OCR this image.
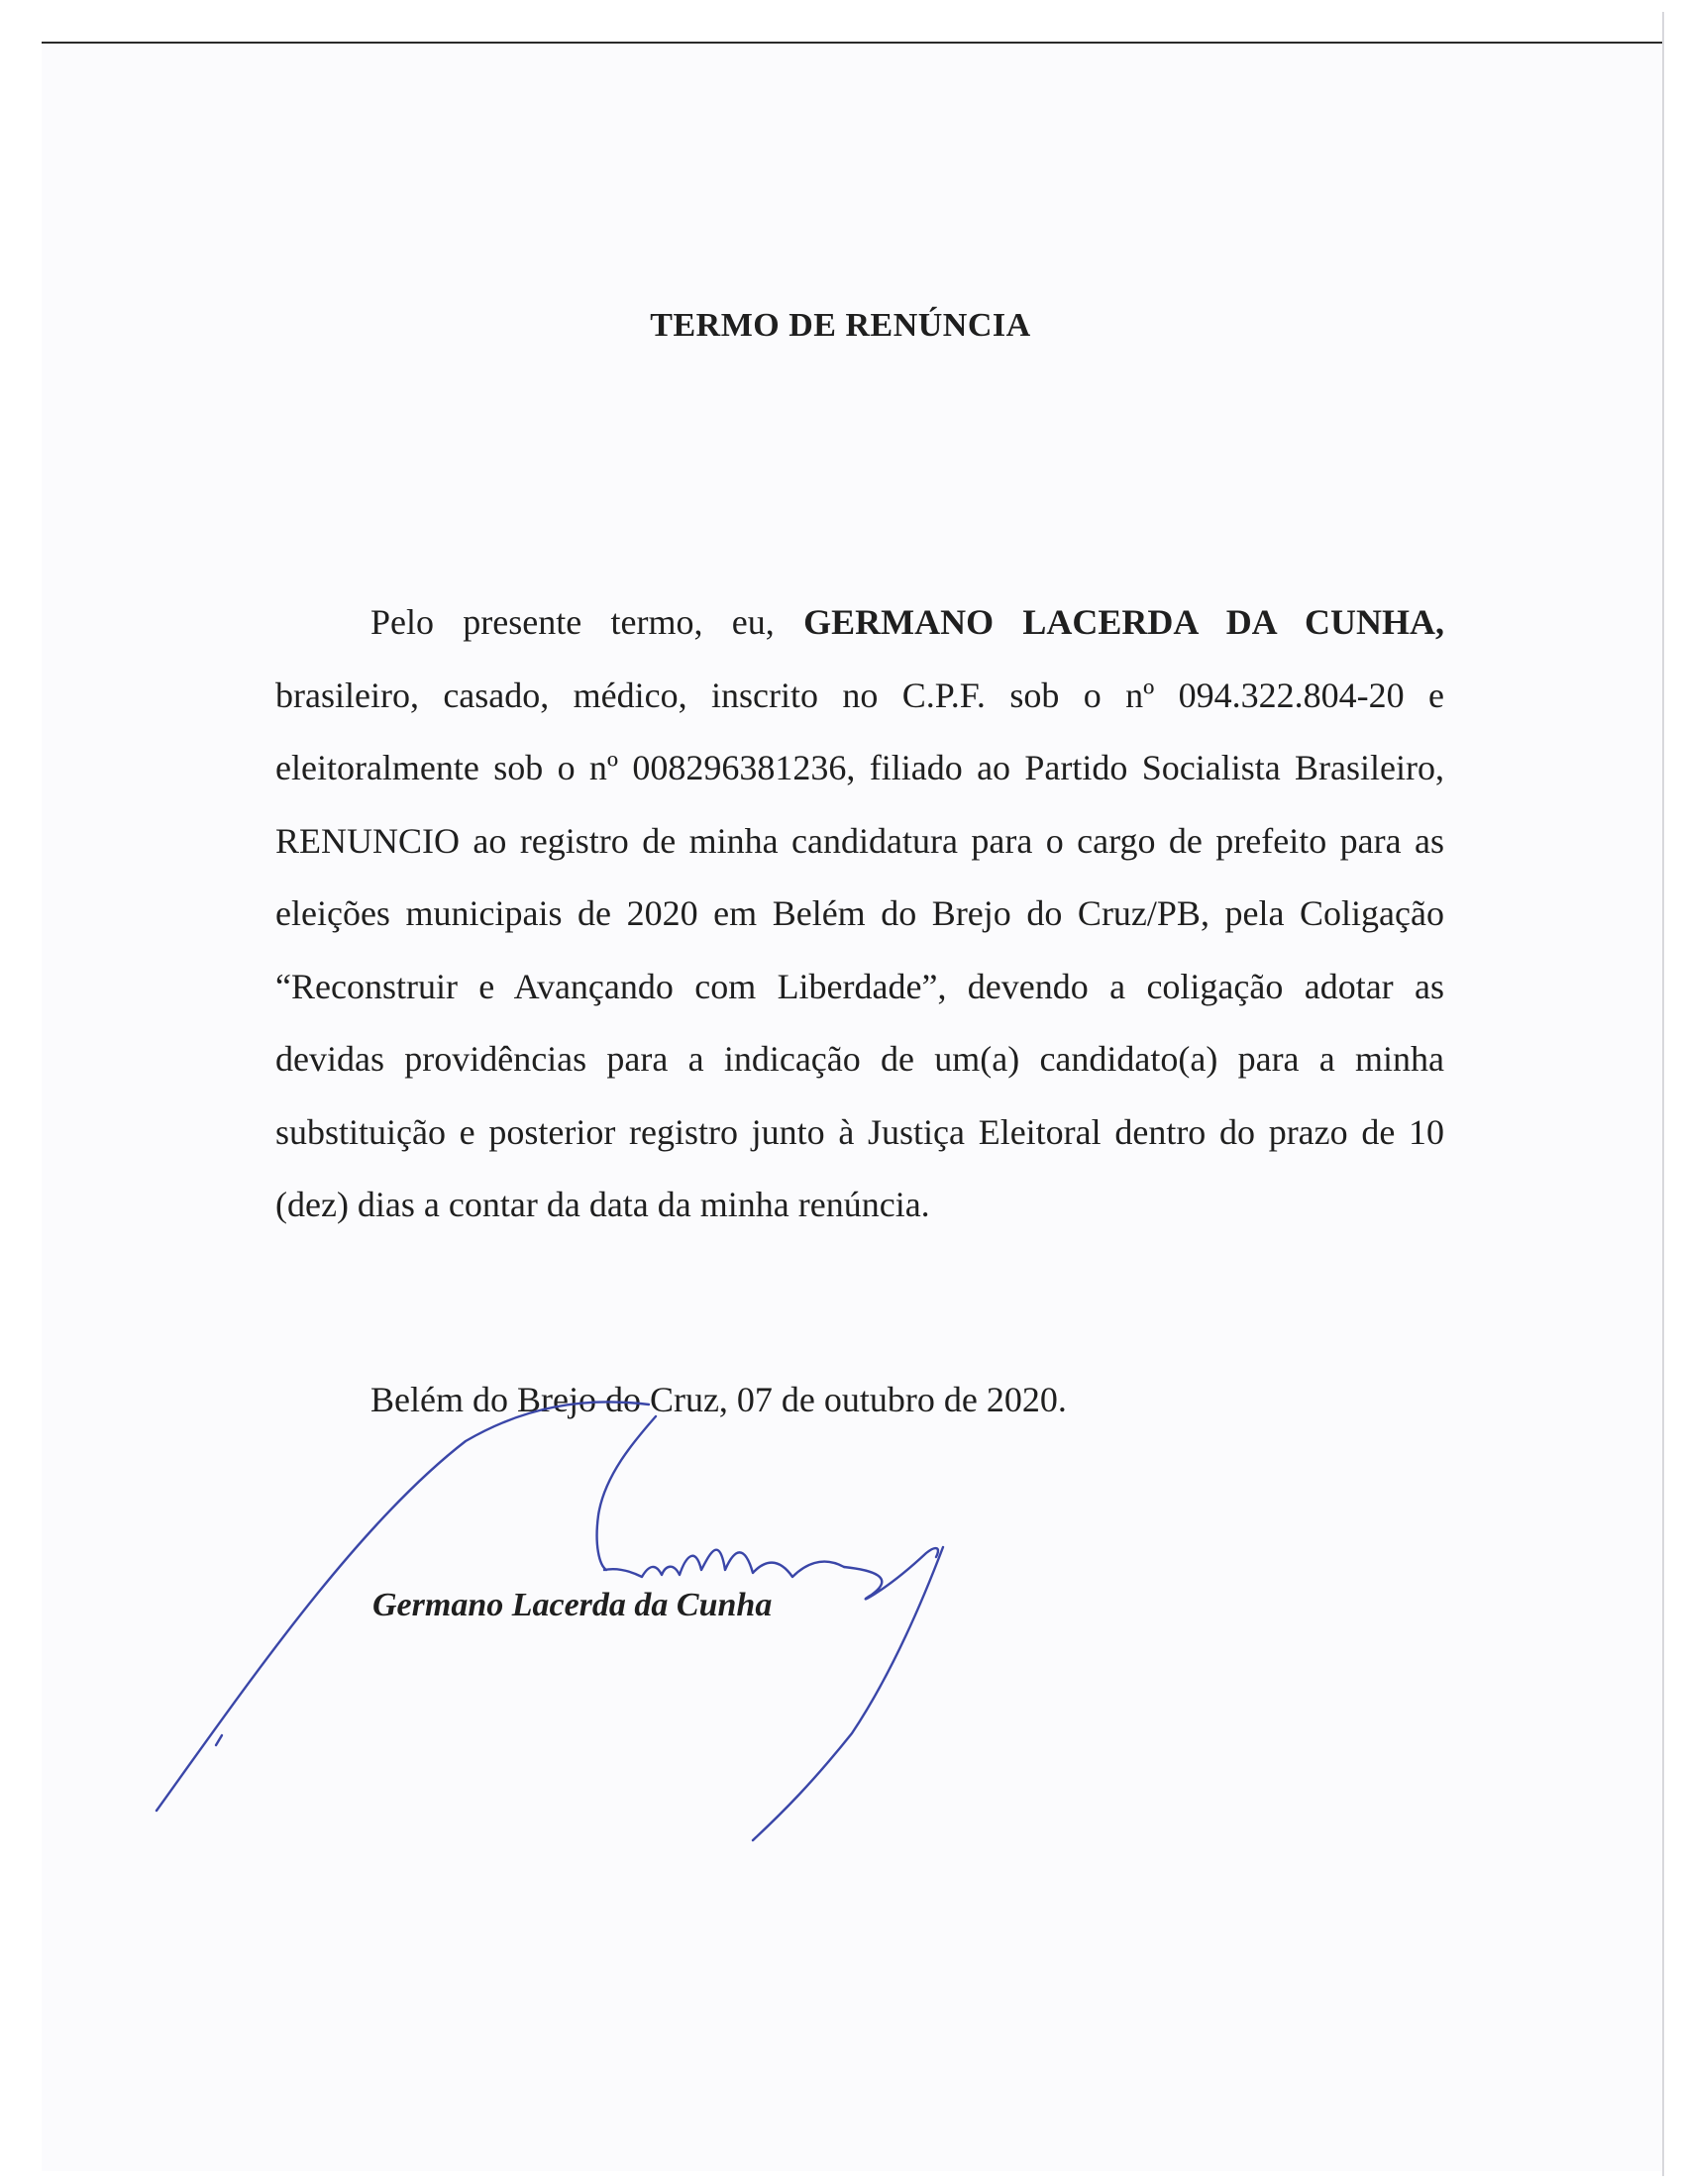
TERMO DE RENÚNCIA
Pelo presente termo, eu, GERMANO LACERDA DA CUNHA, brasileiro, casado, médico, inscrito no C.P.F. sob o nº 094.322.804-20 e eleitoralmente sob o nº 008296381236, filiado ao Partido Socialista Brasileiro, RENUNCIO ao registro de minha candidatura para o cargo de prefeito para as eleições municipais de 2020 em Belém do Brejo do Cruz/PB, pela Coligação “Reconstruir e Avançando com Liberdade”, devendo a coligação adotar as devidas providências para a indicação de um(a) candidato(a) para a minha substituição e posterior registro junto à Justiça Eleitoral dentro do prazo de 10 (dez) dias a contar da data da minha renúncia.
Belém do Brejo do Cruz, 07 de outubro de 2020.
Germano Lacerda da Cunha
